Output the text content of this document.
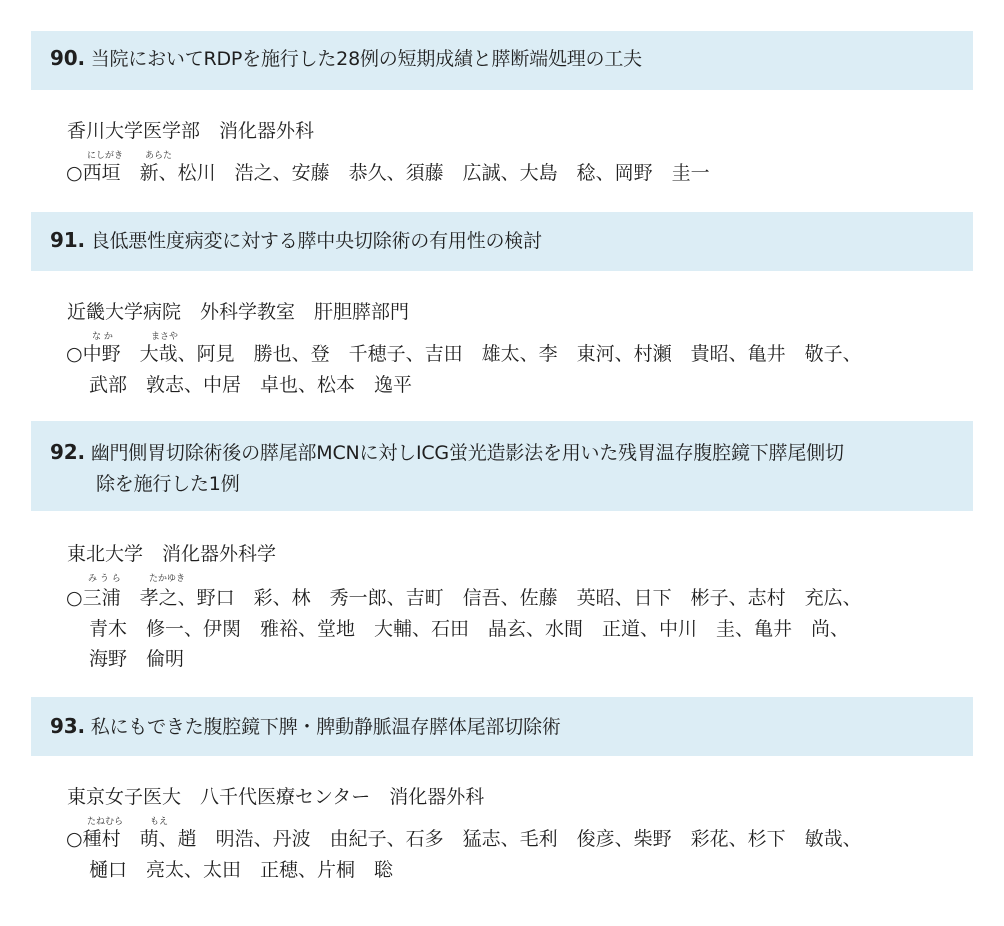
90. 当院においてRDPを施行した28例の短期成績と膵断端処理の工夫
香川大学医学部　消化器外科
にしがき あらた
○西垣　新、松川　浩之、安藤　恭久、須藤　広誠、大島　稔、岡野　圭一
91. 良低悪性度病変に対する膵中央切除術の有用性の検討
近畿大学病院　外科学教室　肝胆膵部門
な か	まさや
○中野　大哉、阿見　勝也、登　千穂子、吉田　雄太、李　東河、村瀬　貴昭、亀井　敬子、
武部　敦志、中居　卓也、松本　逸平
92. 幽門側胃切除術後の膵尾部MCNに対しICG蛍光造影法を用いた残胃温存腹腔鏡下膵尾側切
除を施行した1例
東北大学　消化器外科学
み う ら	たかゆき
○三浦　孝之、野口　彩、林　秀一郎、吉町　信吾、佐藤　英昭、日下　彬子、志村　充広、
青木　修一、伊関　雅裕、堂地　大輔、石田　晶玄、水間　正道、中川　圭、亀井　尚、
海野　倫明
93. 私にもできた腹腔鏡下脾・脾動静脈温存膵体尾部切除術
東京女子医大　八千代医療センター　消化器外科
たねむら	もえ
○種村　萌、趙　明浩、丹波　由紀子、石多　猛志、毛利　俊彦、柴野　彩花、杉下　敏哉、
樋口　亮太、太田　正穂、片桐　聡
